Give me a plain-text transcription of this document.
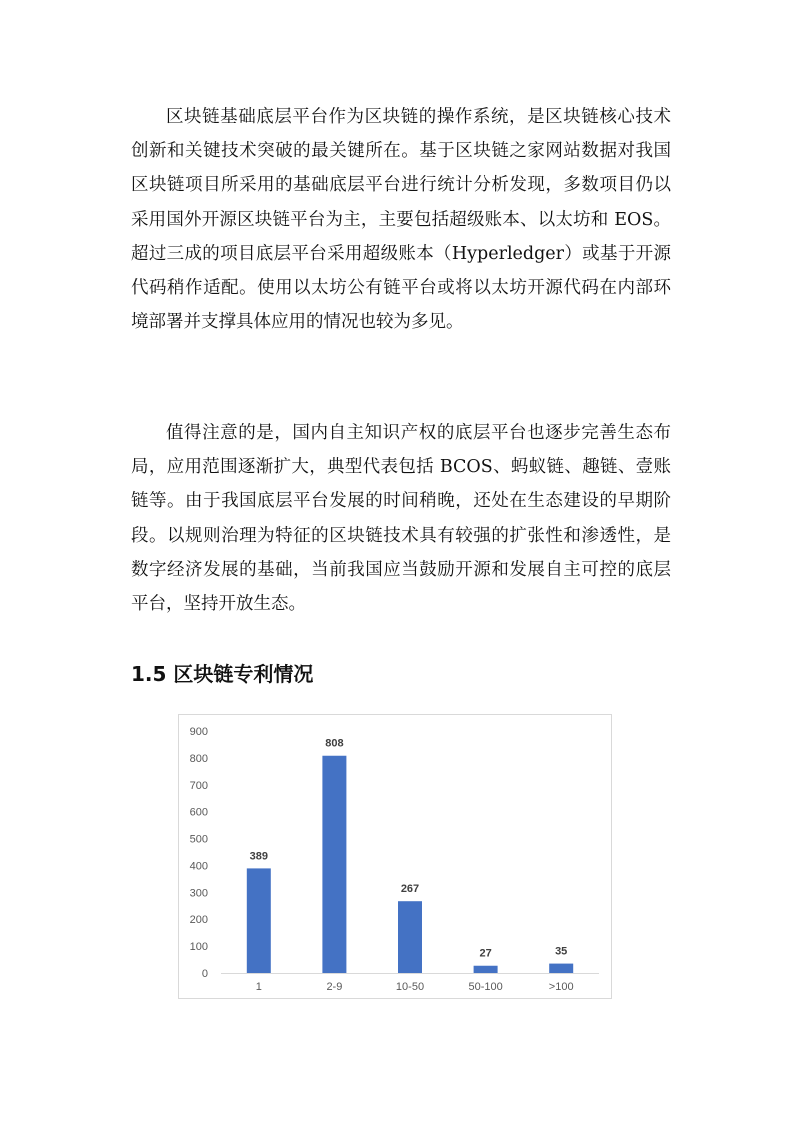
区块链基础底层平台作为区块链的操作系统，是区块链核心技术创新和关键技术突破的最关键所在。基于区块链之家网站数据对我国区块链项目所采用的基础底层平台进行统计分析发现，多数项目仍以采用国外开源区块链平台为主，主要包括超级账本、以太坊和 EOS。超过三成的项目底层平台采用超级账本（Hyperledger）或基于开源代码稍作适配。使用以太坊公有链平台或将以太坊开源代码在内部环境部署并支撑具体应用的情况也较为多见。

值得注意的是，国内自主知识产权的底层平台也逐步完善生态布局，应用范围逐渐扩大，典型代表包括 BCOS、蚂蚁链、趣链、壹账链等。由于我国底层平台发展的时间稍晚，还处在生态建设的早期阶段。以规则治理为特征的区块链技术具有较强的扩张性和渗透性，是数字经济发展的基础，当前我国应当鼓励开源和发展自主可控的底层平台，坚持开放生态。

1.5 区块链专利情况
0
100
200
300
400
500
600
700
800
900
389
808
267
27	35
1	2-9	10-50	50-100	>100
